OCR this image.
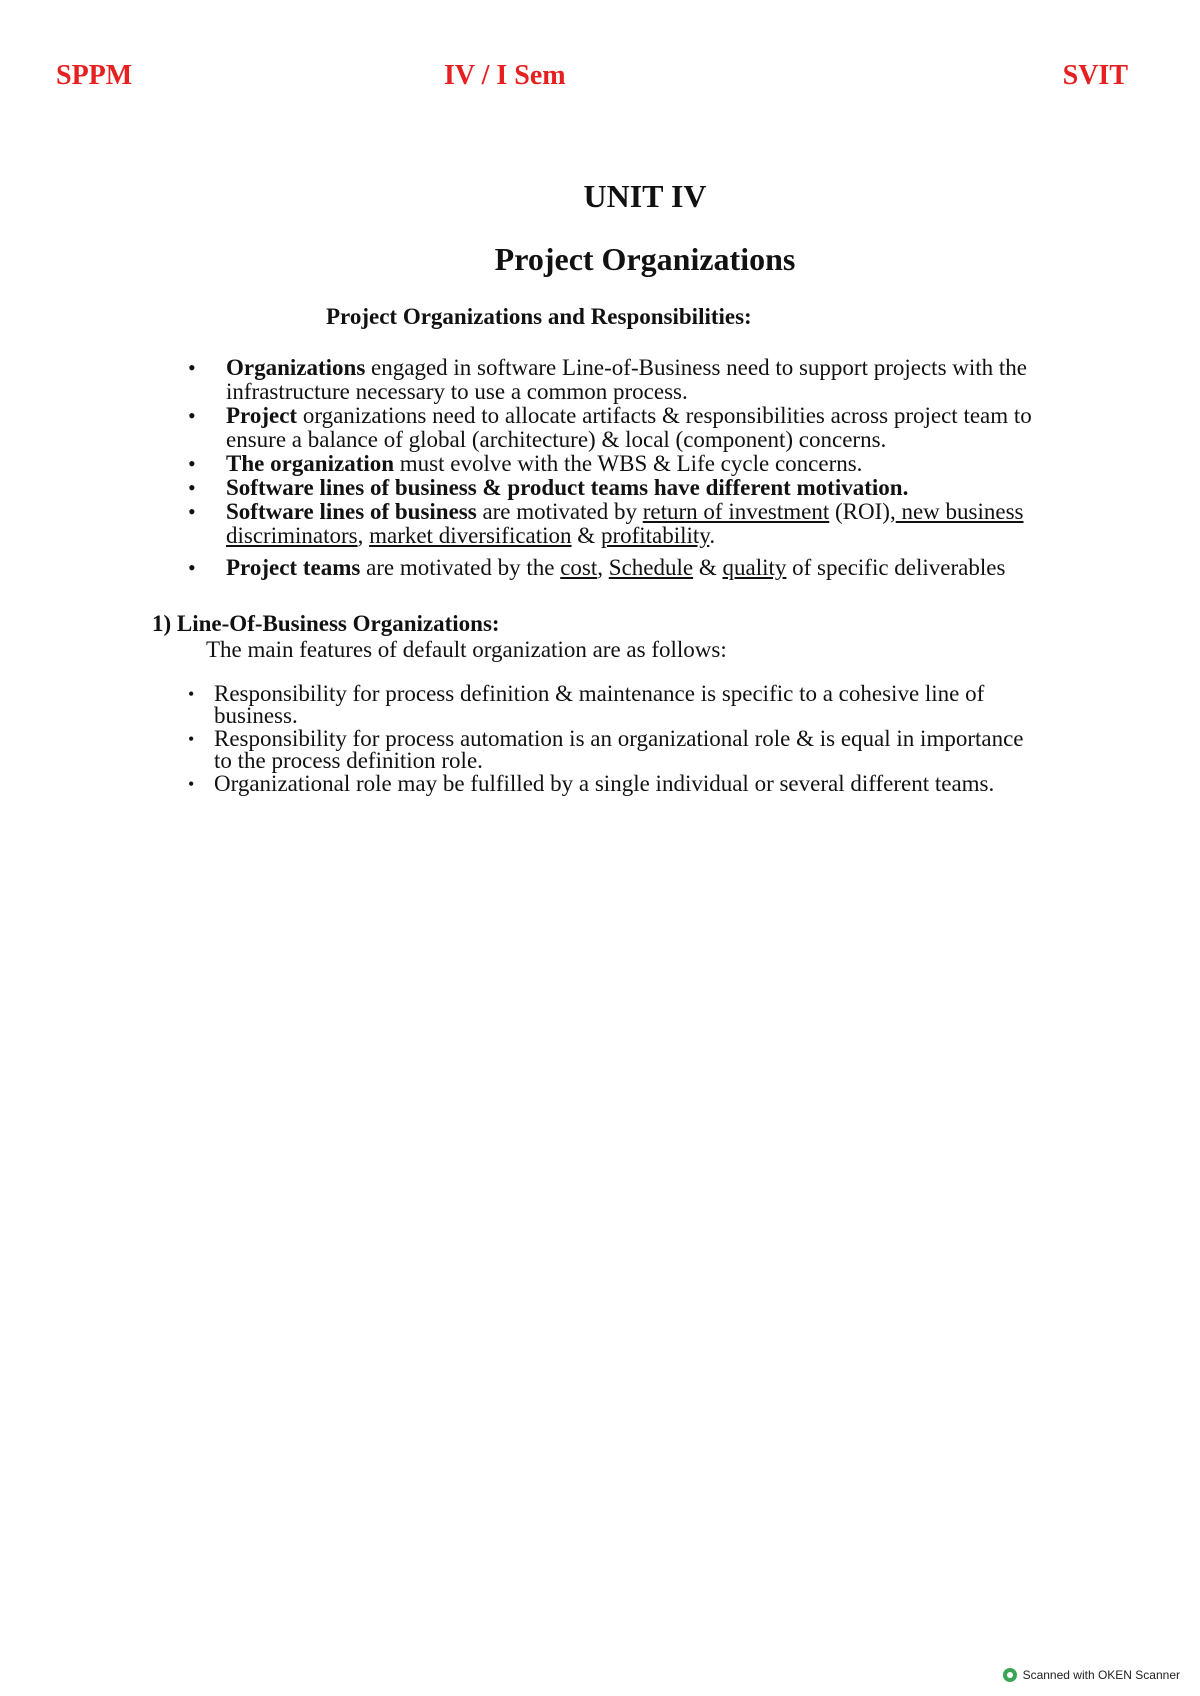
SPPM	IV / I Sem	SVIT
UNIT IV
Project Organizations
Project Organizations and Responsibilities:
• Organizations engaged in software Line-of-Business need to support projects with the infrastructure necessary to use a common process.
• Project organizations need to allocate artifacts & responsibilities across project team to ensure a balance of global (architecture) & local (component) concerns.
• The organization must evolve with the WBS & Life cycle concerns.
• Software lines of business & product teams have different motivation.
• Software lines of business are motivated by return of investment (ROI), new business discriminators, market diversification & profitability.
• Project teams are motivated by the cost, Schedule & quality of specific deliverables
1) Line-Of-Business Organizations:
The main features of default organization are as follows:
• Responsibility for process definition & maintenance is specific to a cohesive line of business.
• Responsibility for process automation is an organizational role & is equal in importance to the process definition role.
• Organizational role may be fulfilled by a single individual or several different teams.
Scanned with OKEN Scanner
